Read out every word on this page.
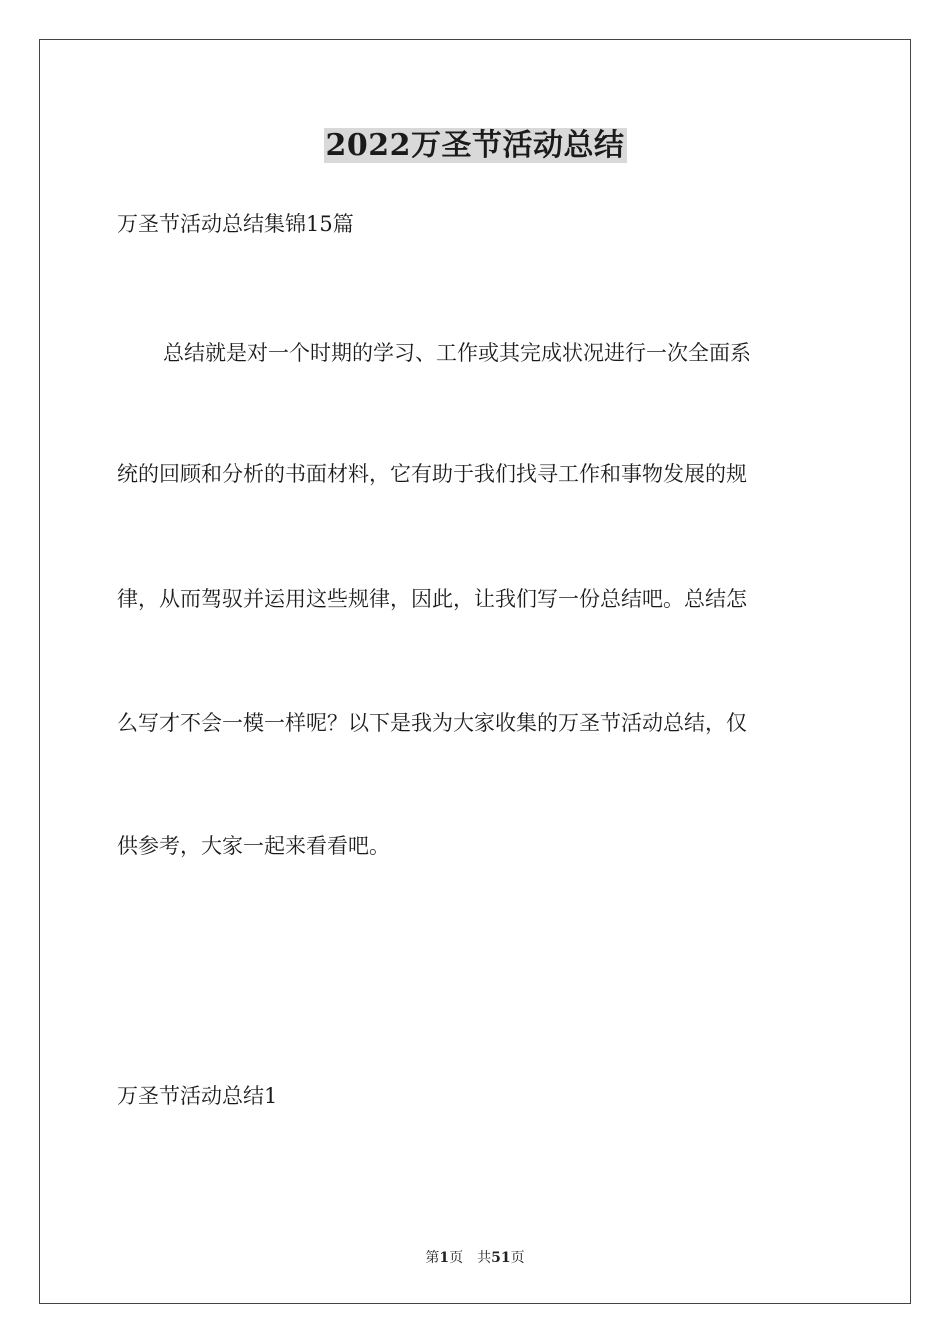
2022万圣节活动总结
万圣节活动总结集锦15篇
总结就是对一个时期的学习、工作或其完成状况进行一次全面系
统的回顾和分析的书面材料，它有助于我们找寻工作和事物发展的规
律，从而驾驭并运用这些规律，因此，让我们写一份总结吧。总结怎
么写才不会一模一样呢？以下是我为大家收集的万圣节活动总结，仅
供参考，大家一起来看看吧。
万圣节活动总结1
第1页 共51页
